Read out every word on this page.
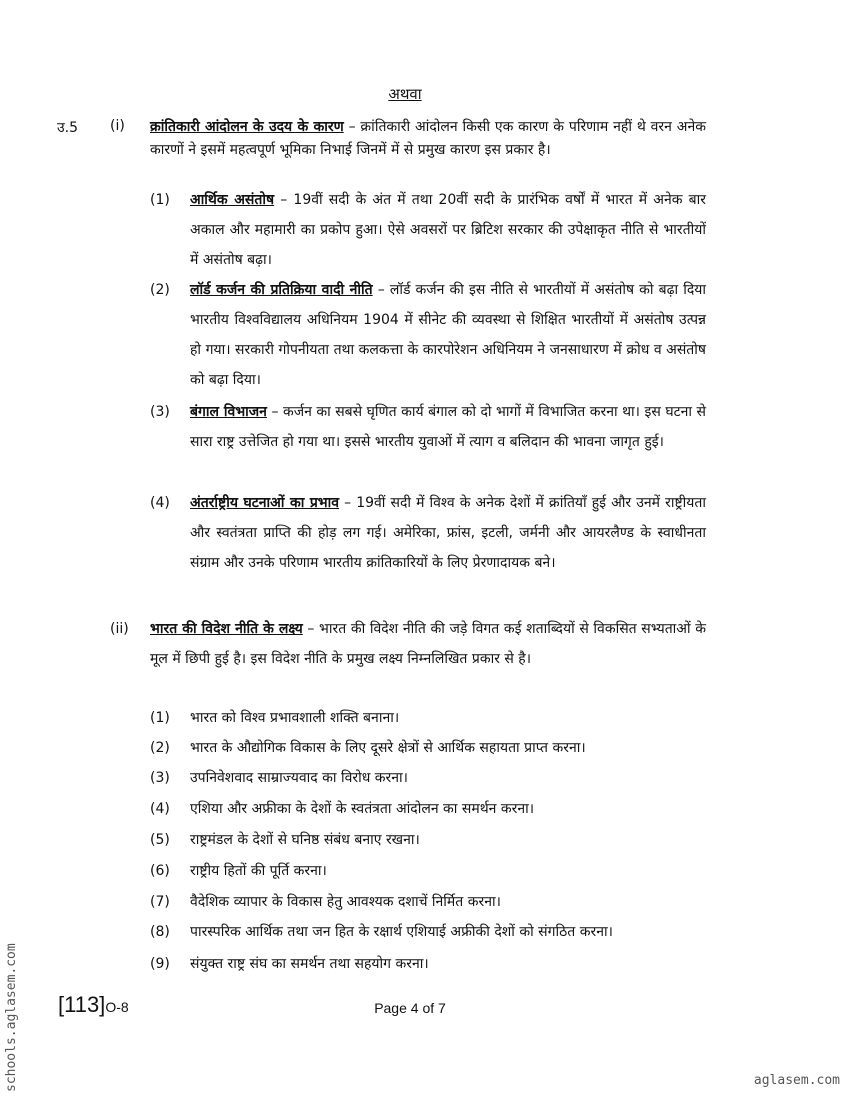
अथवा
उ.5 (i) क्रांतिकारी आंदोलन के उदय के कारण – क्रांतिकारी आंदोलन किसी एक कारण के परिणाम नहीं थे वरन अनेक कारणों ने इसमें महत्वपूर्ण भूमिका निभाई जिनमें में से प्रमुख कारण इस प्रकार है।
(1) आर्थिक असंतोष – 19वीं सदी के अंत में तथा 20वीं सदी के प्रारंभिक वर्षों में भारत में अनेक बार अकाल और महामारी का प्रकोप हुआ। ऐसे अवसरों पर ब्रिटिश सरकार की उपेक्षाकृत नीति से भारतीयों में असंतोष बढ़ा।
(2) लॉर्ड कर्जन की प्रतिक्रिया वादी नीति – लॉर्ड कर्जन की इस नीति से भारतीयों में असंतोष को बढ़ा दिया भारतीय विश्वविद्यालय अधिनियम 1904 में सीनेट की व्यवस्था से शिक्षित भारतीयों में असंतोष उत्पन्न हो गया। सरकारी गोपनीयता तथा कलकत्ता के कारपोरेशन अधिनियम ने जनसाधारण में क्रोध व असंतोष को बढ़ा दिया।
(3) बंगाल विभाजन – कर्जन का सबसे घृणित कार्य बंगाल को दो भागों में विभाजित करना था। इस घटना से सारा राष्ट्र उत्तेजित हो गया था। इससे भारतीय युवाओं में त्याग व बलिदान की भावना जागृत हुई।
(4) अंतर्राष्ट्रीय घटनाओं का प्रभाव – 19वीं सदी में विश्व के अनेक देशों में क्रांतियाँ हुई और उनमें राष्ट्रीयता और स्वतंत्रता प्राप्ति की होड़ लग गई। अमेरिका, फ्रांस, इटली, जर्मनी और आयरलैण्ड के स्वाधीनता संग्राम और उनके परिणाम भारतीय क्रांतिकारियों के लिए प्रेरणादायक बने।
(ii) भारत की विदेश नीति के लक्ष्य – भारत की विदेश नीति की जड़े विगत कई शताब्दियों से विकसित सभ्यताओं के मूल में छिपी हुई है। इस विदेश नीति के प्रमुख लक्ष्य निम्नलिखित प्रकार से है।
(1) भारत को विश्व प्रभावशाली शक्ति बनाना।
(2) भारत के औद्योगिक विकास के लिए दूसरे क्षेत्रों से आर्थिक सहायता प्राप्त करना।
(3) उपनिवेशवाद साम्राज्यवाद का विरोध करना।
(4) एशिया और अफ्रीका के देशों के स्वतंत्रता आंदोलन का समर्थन करना।
(5) राष्ट्रमंडल के देशों से घनिष्ठ संबंध बनाए रखना।
(6) राष्ट्रीय हितों की पूर्ति करना।
(7) वैदेशिक व्यापार के विकास हेतु आवश्यक दशाचें निर्मित करना।
(8) पारस्परिक आर्थिक तथा जन हित के रक्षार्थ एशियाई अफ्रीकी देशों को संगठित करना।
(9) संयुक्त राष्ट्र संघ का समर्थन तथा सहयोग करना।
[113]O-8	Page 4 of 7
schools.aglasem.com	aglasem.com
